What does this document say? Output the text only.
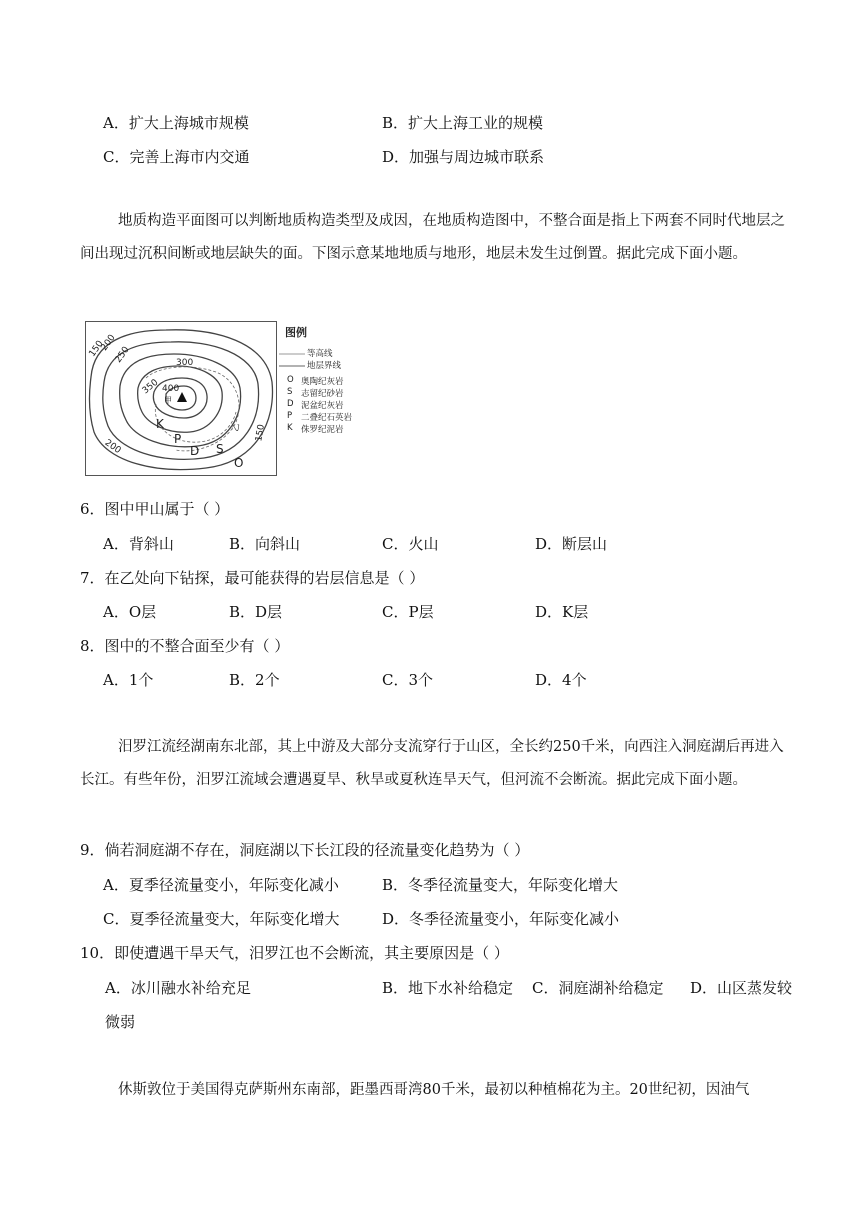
A．扩大上海城市规模	B．扩大上海工业的规模
C．完善上海市内交通	D．加强与周边城市联系
地质构造平面图可以判断地质构造类型及成因，在地质构造图中，不整合面是指上下两套不同时代地层之间出现过沉积间断或地层缺失的面。下图示意某地地质与地形，地层未发生过倒置。据此完成下面小题。
150
200
250	300
350 400
甲
200
150
乙
K
P
D S
O
图例
等高线
地层界线
O 奥陶纪灰岩
S 志留纪砂岩
D 泥盆纪灰岩
P 二叠纪石英岩
K 侏罗纪泥岩
6．图中甲山属于（ ）
A．背斜山	B．向斜山	C．火山	D．断层山
7．在乙处向下钻探，最可能获得的岩层信息是（ ）
A．O层	B．D层	C．P层	D．K层
8．图中的不整合面至少有（ ）
A．1个	B．2个	C．3个	D．4个
汨罗江流经湖南东北部，其上中游及大部分支流穿行于山区，全长约250千米，向西注入洞庭湖后再进入长江。有些年份，汨罗江流域会遭遇夏旱、秋旱或夏秋连旱天气，但河流不会断流。据此完成下面小题。
9．倘若洞庭湖不存在，洞庭湖以下长江段的径流量变化趋势为（ ）
A．夏季径流量变小，年际变化减小	B．冬季径流量变大，年际变化增大
C．夏季径流量变大，年际变化增大	D．冬季径流量变小，年际变化减小
10．即使遭遇干旱天气，汨罗江也不会断流，其主要原因是（ ）
A．冰川融水补给充足	B．地下水补给稳定 C．洞庭湖补给稳定 D．山区蒸发较
微弱
休斯敦位于美国得克萨斯州东南部，距墨西哥湾80千米，最初以种植棉花为主。20世纪初，因油气
